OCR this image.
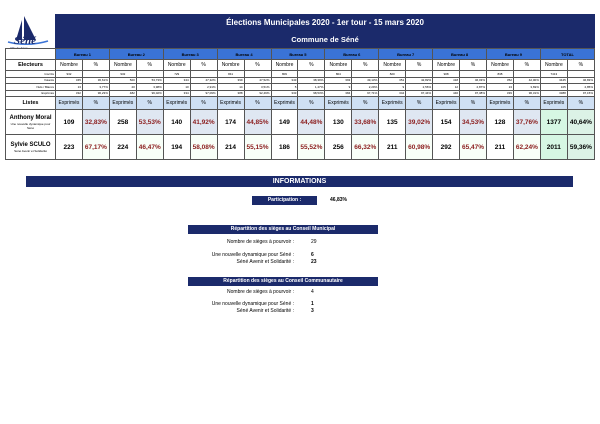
Séné
Ville de Séné
Élections Municipales 2020 - 1er tour - 15 mars 2020
Commune de Séné
	Bureau 1		Bureau 2		Bureau 3		Bureau 4		Bureau 5		Bureau 6		Bureau 7		Bureau 8		Bureau 9		TOTAL	
Electeurs	Nombre	%	Nombre	%	Nombre	%	Nombre	%	Nombre	%	Nombre	%	Nombre	%	Nombre	%	Nombre	%	Nombre	%
Inscrits	932		932		729		841		809		804		820		908		838		7413	
Votants	345	36,61%	500	53,73%	344	47,32%	399	47,52%	343	38,39%	393	49,13%	351	42,82%	418	46,03%	352	42,00%	3445	46,83%
Nuls / Blancs	13	3,77%	20	3,98%	10	2,91%	14	3,51%	5	1,47%	9	2,29%	9	2,56%	12	2,87%	13	3,69%	105	2,85%
Exprimés	332	96,23%	482	96,02%	334	97,09%	388	92,49%	333	98,53%	384	97,71%	344	97,44%	446	97,38%	339	96,31%	3388	97,15%
Listes	Exprimés	%	Exprimés	%	Exprimés	%	Exprimés	%	Exprimés	%	Exprimés	%	Exprimés	%	Exprimés	%	Exprimés	%	Exprimés	%
Anthony Moral
Une nouvelle dynamique pour Séné	109	32,83%	258	53,53%	140	41,92%	174	44,85%	149	44,48%	130	33,68%	135	39,02%	154	34,53%	128	37,76%	1377	40,64%
Sylvie SCULO
Séné Avenir et Solidarité	223	67,17%	224	46,47%	194	58,08%	214	55,15%	186	55,52%	256	66,32%	211	60,98%	292	65,47%	211	62,24%	2011	59,36%
INFORMATIONS
Participation :	46,83%
Répartition des sièges au Conseil Municipal
Nombre de sièges à pourvoir :	29
Une nouvelle dynamique pour Séné :	6
Séné Avenir et Solidarité :	23
Répartition des sièges au Conseil Communautaire
Nombre de sièges à pourvoir :	4
Une nouvelle dynamique pour Séné :	1
Séné Avenir et Solidarité :	3
